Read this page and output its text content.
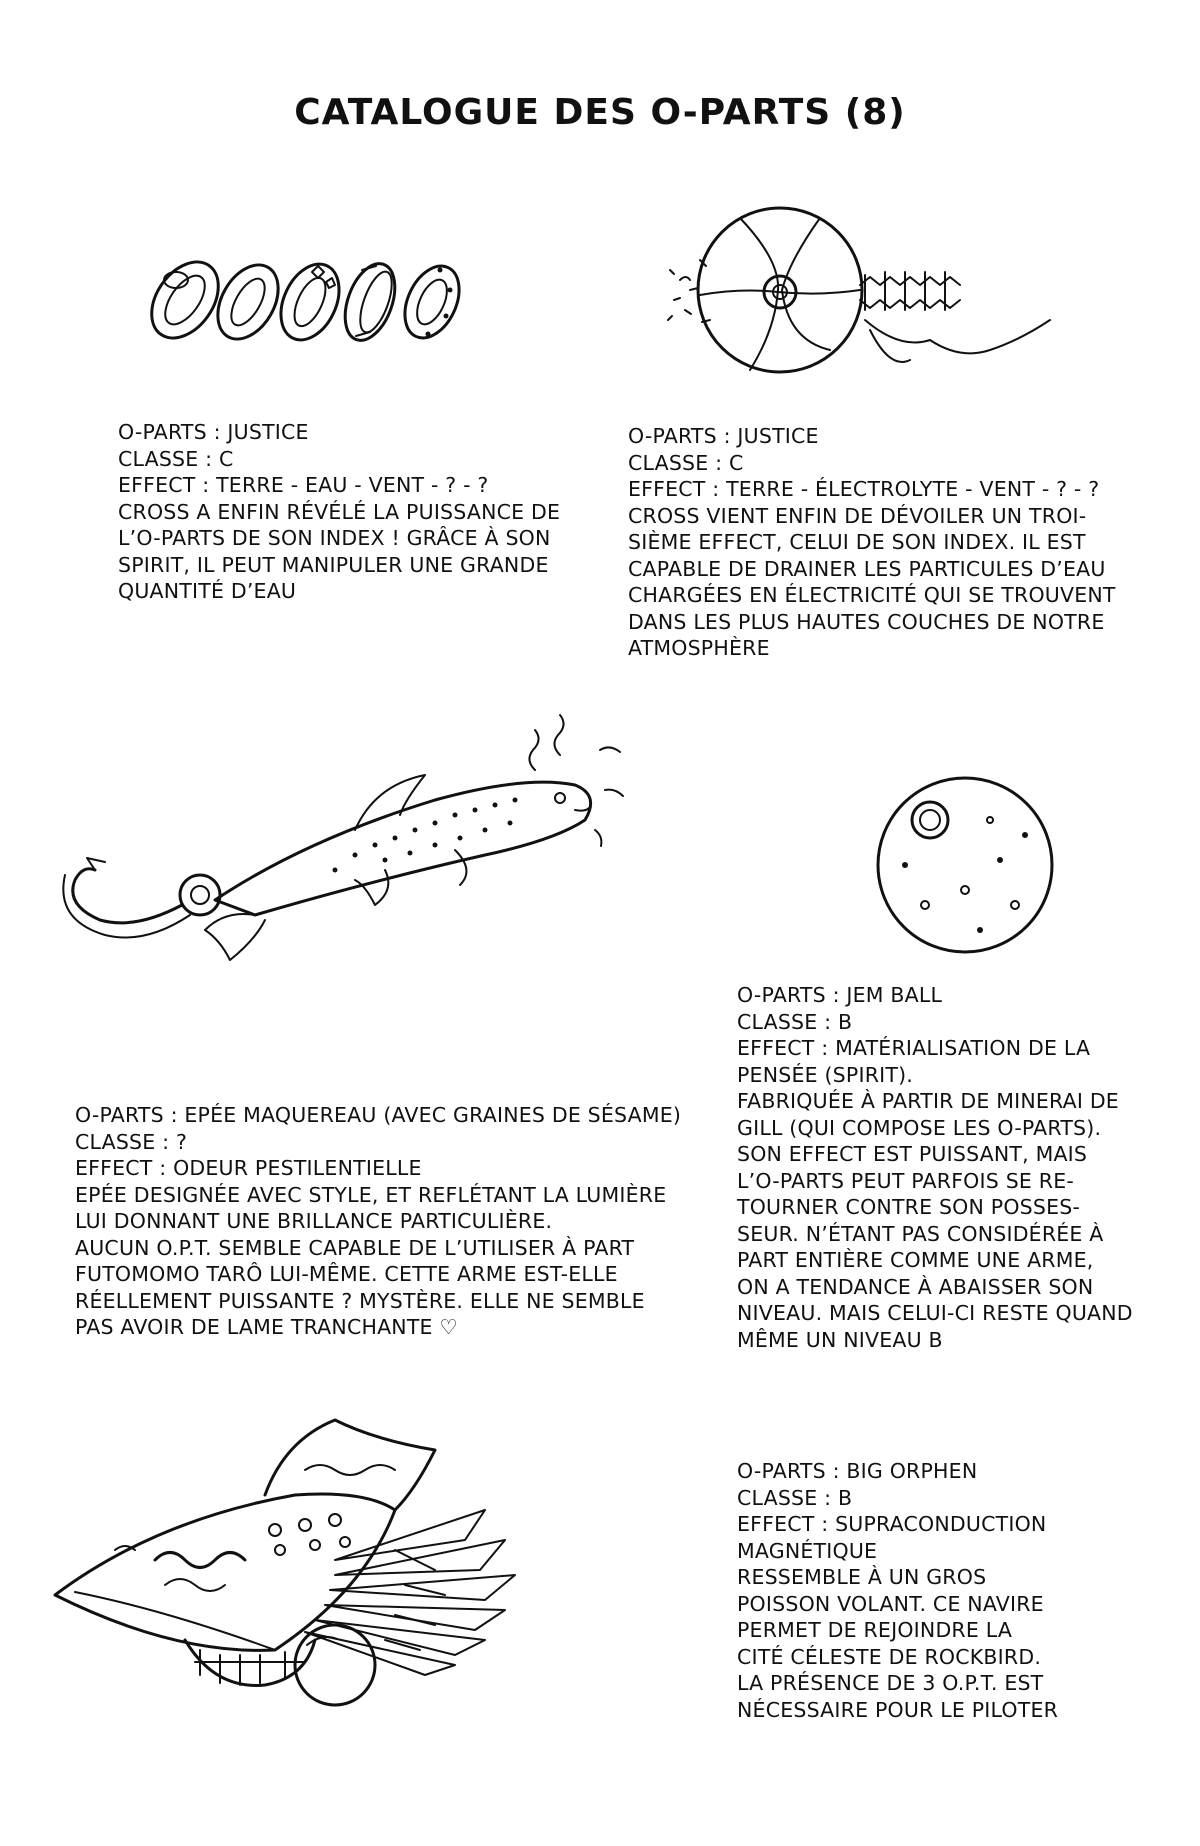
CATALOGUE DES O-PARTS (8)
O-PARTS : JUSTICE
CLASSE : C
EFFECT : TERRE - EAU - VENT - ? - ?
CROSS A ENFIN RÉVÉLÉ LA PUISSANCE DE
L’O-PARTS DE SON INDEX ! GRÂCE À SON
SPIRIT, IL PEUT MANIPULER UNE GRANDE
QUANTITÉ D’EAU
O-PARTS : JUSTICE
CLASSE : C
EFFECT : TERRE - ÉLECTROLYTE - VENT - ? - ?
CROSS VIENT ENFIN DE DÉVOILER UN TROI-
SIÈME EFFECT, CELUI DE SON INDEX. IL EST
CAPABLE DE DRAINER LES PARTICULES D’EAU
CHARGÉES EN ÉLECTRICITÉ QUI SE TROUVENT
DANS LES PLUS HAUTES COUCHES DE NOTRE
ATMOSPHÈRE
O-PARTS : EPÉE MAQUEREAU (AVEC GRAINES DE SÉSAME)
CLASSE : ?
EFFECT : ODEUR PESTILENTIELLE
EPÉE DESIGNÉE AVEC STYLE, ET REFLÉTANT LA LUMIÈRE
LUI DONNANT UNE BRILLANCE PARTICULIÈRE.
AUCUN O.P.T. SEMBLE CAPABLE DE L’UTILISER À PART
FUTOMOMO TARÔ LUI-MÊME. CETTE ARME EST-ELLE
RÉELLEMENT PUISSANTE ? MYSTÈRE. ELLE NE SEMBLE
PAS AVOIR DE LAME TRANCHANTE ♡
O-PARTS : JEM BALL
CLASSE : B
EFFECT : MATÉRIALISATION DE LA
PENSÉE (SPIRIT).
FABRIQUÉE À PARTIR DE MINERAI DE
GILL (QUI COMPOSE LES O-PARTS).
SON EFFECT EST PUISSANT, MAIS
L’O-PARTS PEUT PARFOIS SE RE-
TOURNER CONTRE SON POSSES-
SEUR. N’ÉTANT PAS CONSIDÉRÉE À
PART ENTIÈRE COMME UNE ARME,
ON A TENDANCE À ABAISSER SON
NIVEAU. MAIS CELUI-CI RESTE QUAND
MÊME UN NIVEAU B
O-PARTS : BIG ORPHEN
CLASSE : B
EFFECT : SUPRACONDUCTION
MAGNÉTIQUE
RESSEMBLE À UN GROS
POISSON VOLANT. CE NAVIRE
PERMET DE REJOINDRE LA
CITÉ CÉLESTE DE ROCKBIRD.
LA PRÉSENCE DE 3 O.P.T. EST
NÉCESSAIRE POUR LE PILOTER
